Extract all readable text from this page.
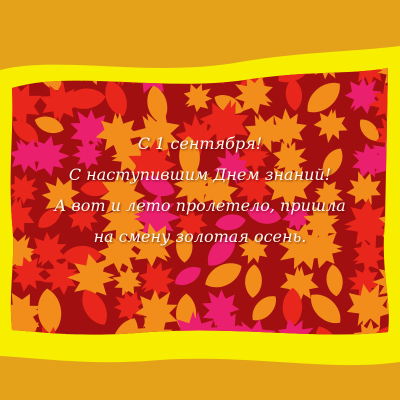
С 1 сентября!
С наступившим Днем знаний!
А вот и лето пролетело, пришла
на смену золотая осень.
